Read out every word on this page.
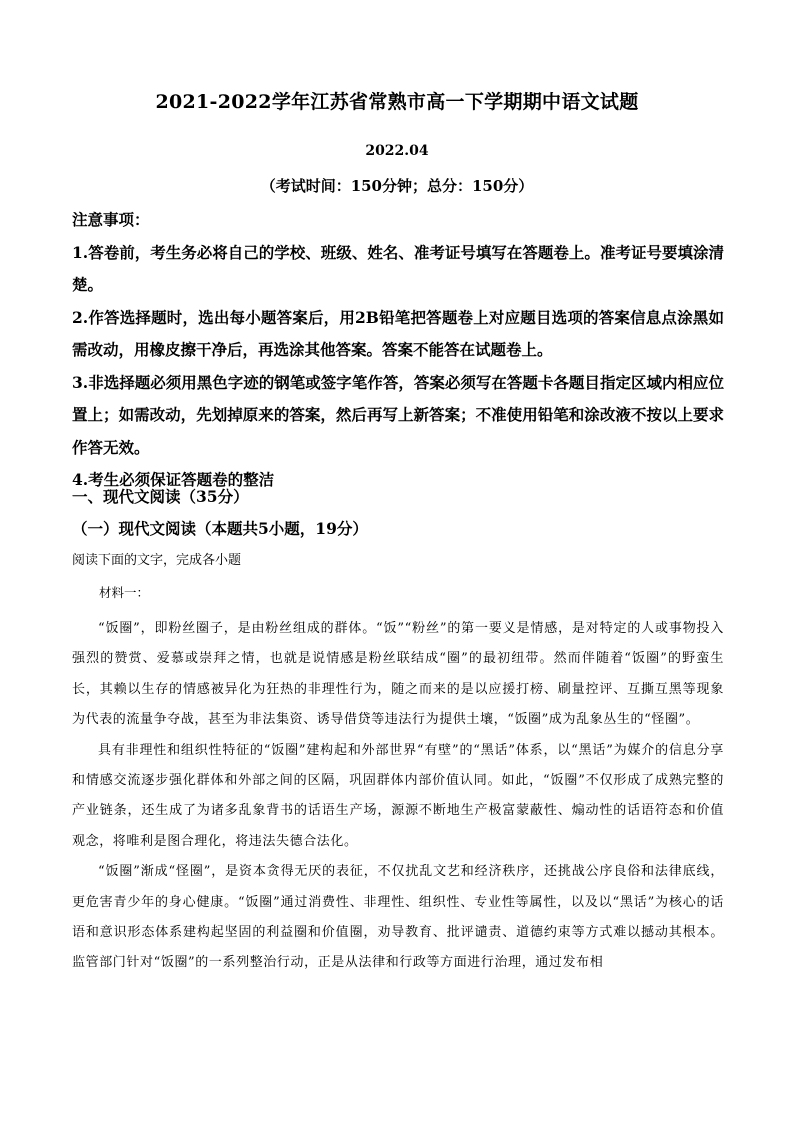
2021-2022学年江苏省常熟市高一下学期期中语文试题
2022.04
（考试时间：150分钟；总分：150分）

注意事项：

1.答卷前，考生务必将自己的学校、班级、姓名、准考证号填写在答题卷上。准考证号要填涂清楚。

2.作答选择题时，选出每小题答案后，用2B铅笔把答题卷上对应题目选项的答案信息点涂黑如需改动，用橡皮擦干净后，再选涂其他答案。答案不能答在试题卷上。

3.非选择题必须用黑色字迹的钢笔或签字笔作答，答案必须写在答题卡各题目指定区域内相应位置上；如需改动，先划掉原来的答案，然后再写上新答案；不准使用铅笔和涂改液不按以上要求作答无效。

4.考生必须保证答题卷的整洁

一、现代文阅读（35分）
（一）现代文阅读（本题共5小题，19分）
阅读下面的文字，完成各小题
材料一：

“饭圈”，即粉丝圈子，是由粉丝组成的群体。“饭”“粉丝”的第一要义是情感，是对特定的人或事物投入强烈的赞赏、爱慕或崇拜之情，也就是说情感是粉丝联结成“圈”的最初纽带。然而伴随着“饭圈”的野蛮生长，其赖以生存的情感被异化为狂热的非理性行为，随之而来的是以应援打榜、刷量控评、互撕互黑等现象为代表的流量争夺战，甚至为非法集资、诱导借贷等违法行为提供土壤，“饭圈”成为乱象丛生的“怪圈”。

具有非理性和组织性特征的“饭圈”建构起和外部世界“有壁”的“黑话”体系，以“黑话”为媒介的信息分享和情感交流逐步强化群体和外部之间的区隔，巩固群体内部价值认同。如此，“饭圈”不仅形成了成熟完整的产业链条，还生成了为诸多乱象背书的话语生产场，源源不断地生产极富蒙蔽性、煽动性的话语符态和价值观念，将唯利是图合理化，将违法失德合法化。

“饭圈”渐成“怪圈”，是资本贪得无厌的表征，不仅扰乱文艺和经济秩序，还挑战公序良俗和法律底线，更危害青少年的身心健康。“饭圈”通过消费性、非理性、组织性、专业性等属性，以及以“黑话”为核心的话语和意识形态体系建构起坚固的利益圈和价值圈，劝导教育、批评谴责、道德约束等方式难以撼动其根本。监管部门针对“饭圈”的一系列整治行动，正是从法律和行政等方面进行治理，通过发布相
